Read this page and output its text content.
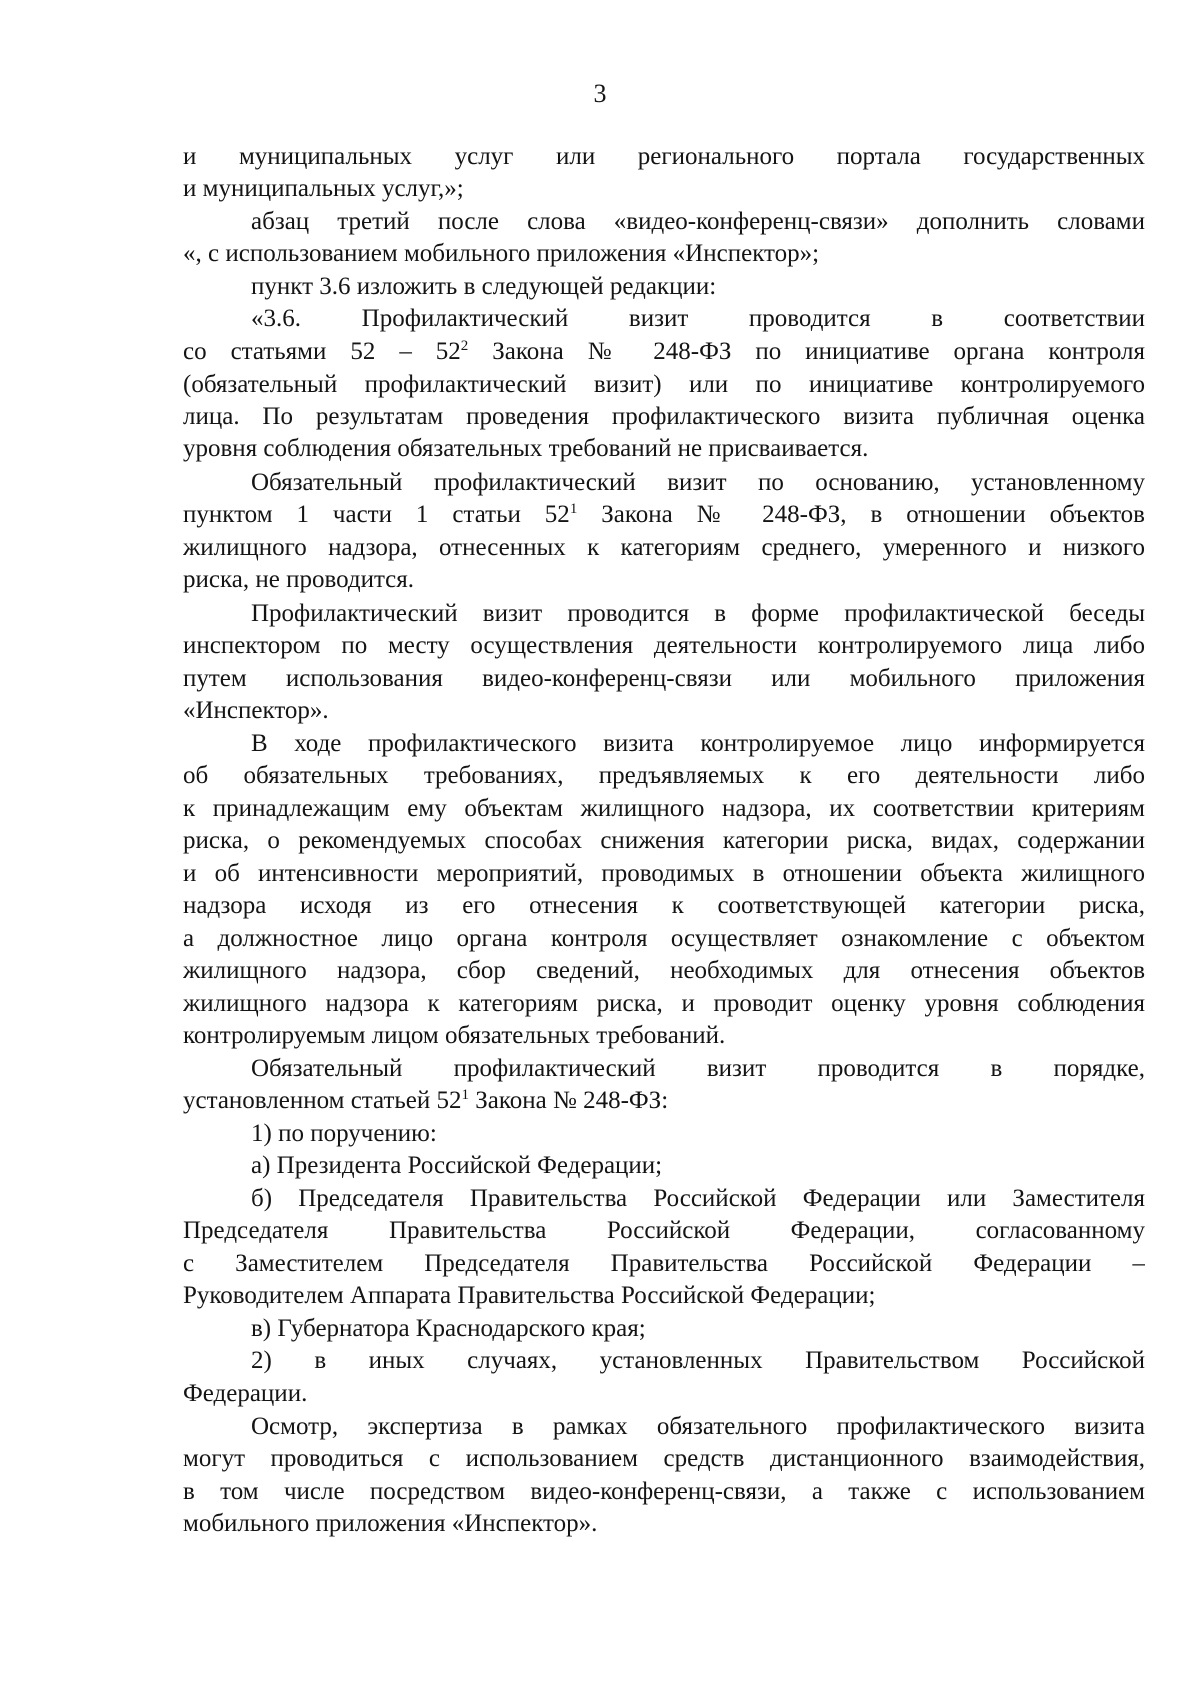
3
и муниципальных услуг или регионального портала государственных
и муниципальных услуг,»;
абзац третий после слова «видео-конференц-связи» дополнить словами
«, с использованием мобильного приложения «Инспектор»;
пункт 3.6 изложить в следующей редакции:
«3.6. Профилактический визит проводится в соответствии
со статьями $52 - 52^2$ Закона № 248-ФЗ по инициативе органа контроля
(обязательный профилактический визит) или по инициативе контролируемого
лица. По результатам проведения профилактического визита публичная оценка
уровня соблюдения обязательных требований не присваивается.
Обязательный профилактический визит по основанию, установленному
пунктом 1 части 1 статьи $52^1$ Закона № 248-ФЗ, в отношении объектов
жилищного надзора, отнесенных к категориям среднего, умеренного и низкого
риска, не проводится.
Профилактический визит проводится в форме профилактической беседы
инспектором по месту осуществления деятельности контролируемого лица либо
путем использования видео-конференц-связи или мобильного приложения
«Инспектор».
В ходе профилактического визита контролируемое лицо информируется
об обязательных требованиях, предъявляемых к его деятельности либо
к принадлежащим ему объектам жилищного надзора, их соответствии критериям
риска, о рекомендуемых способах снижения категории риска, видах, содержании
и об интенсивности мероприятий, проводимых в отношении объекта жилищного
надзора исходя из его отнесения к соответствующей категории риска,
а должностное лицо органа контроля осуществляет ознакомление с объектом
жилищного надзора, сбор сведений, необходимых для отнесения объектов
жилищного надзора к категориям риска, и проводит оценку уровня соблюдения
контролируемым лицом обязательных требований.
Обязательный профилактический визит проводится в порядке,
установленном статьей $52^1$ Закона № 248-ФЗ:
1) по поручению:
а) Президента Российской Федерации;
б) Председателя Правительства Российской Федерации или Заместителя
Председателя Правительства Российской Федерации, согласованному
с Заместителем Председателя Правительства Российской Федерации –
Руководителем Аппарата Правительства Российской Федерации;
в) Губернатора Краснодарского края;
2) в иных случаях, установленных Правительством Российской
Федерации.
Осмотр, экспертиза в рамках обязательного профилактического визита
могут проводиться с использованием средств дистанционного взаимодействия,
в том числе посредством видео-конференц-связи, а также с использованием
мобильного приложения «Инспектор».
